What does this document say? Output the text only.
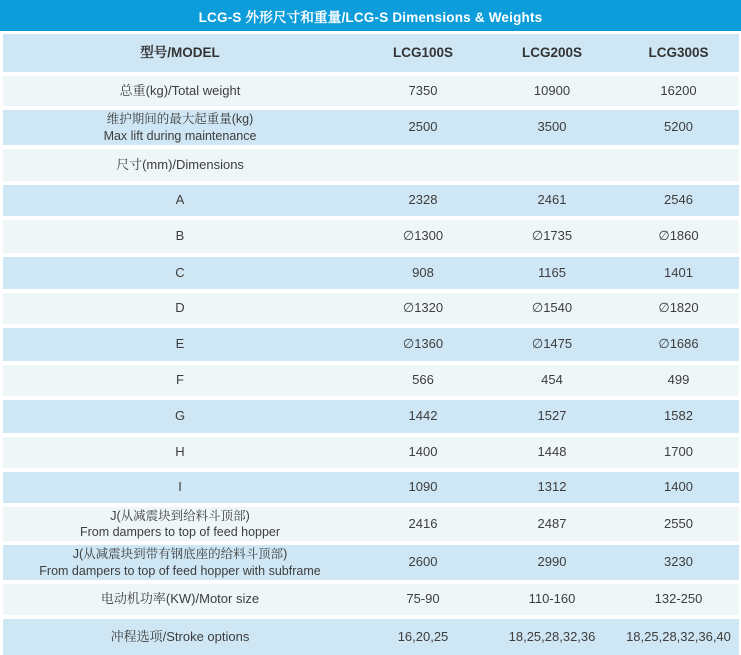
LCG-S 外形尺寸和重量/LCG-S Dimensions & Weights
型号/MODEL	LCG100S	LCG200S	LCG300S
总重(kg)/Total weight	7350	10900	16200
维护期间的最大起重量(kg)
Max lift during maintenance
2500	3500	5200
尺寸(mm)/Dimensions
A	2328	2461	2546
B	∅1300	∅1735	∅1860
C	908	1165	1401
D	∅1320	∅1540	∅1820
E	∅1360	∅1475	∅1686
F	566	454	499
G	1442	1527	1582
H	1400	1448	1700
I	1090	1312	1400
J(从减震块到给料斗顶部)
From dampers to top of feed hopper
2416	2487	2550
J(从减震块到带有钢底座的给料斗顶部)
From dampers to top of feed hopper with subframe
2600	2990	3230
电动机功率(KW)/Motor size	75-90	110-160	132-250
冲程选项/Stroke options	16,20,25	18,25,28,32,36	18,25,28,32,36,40
